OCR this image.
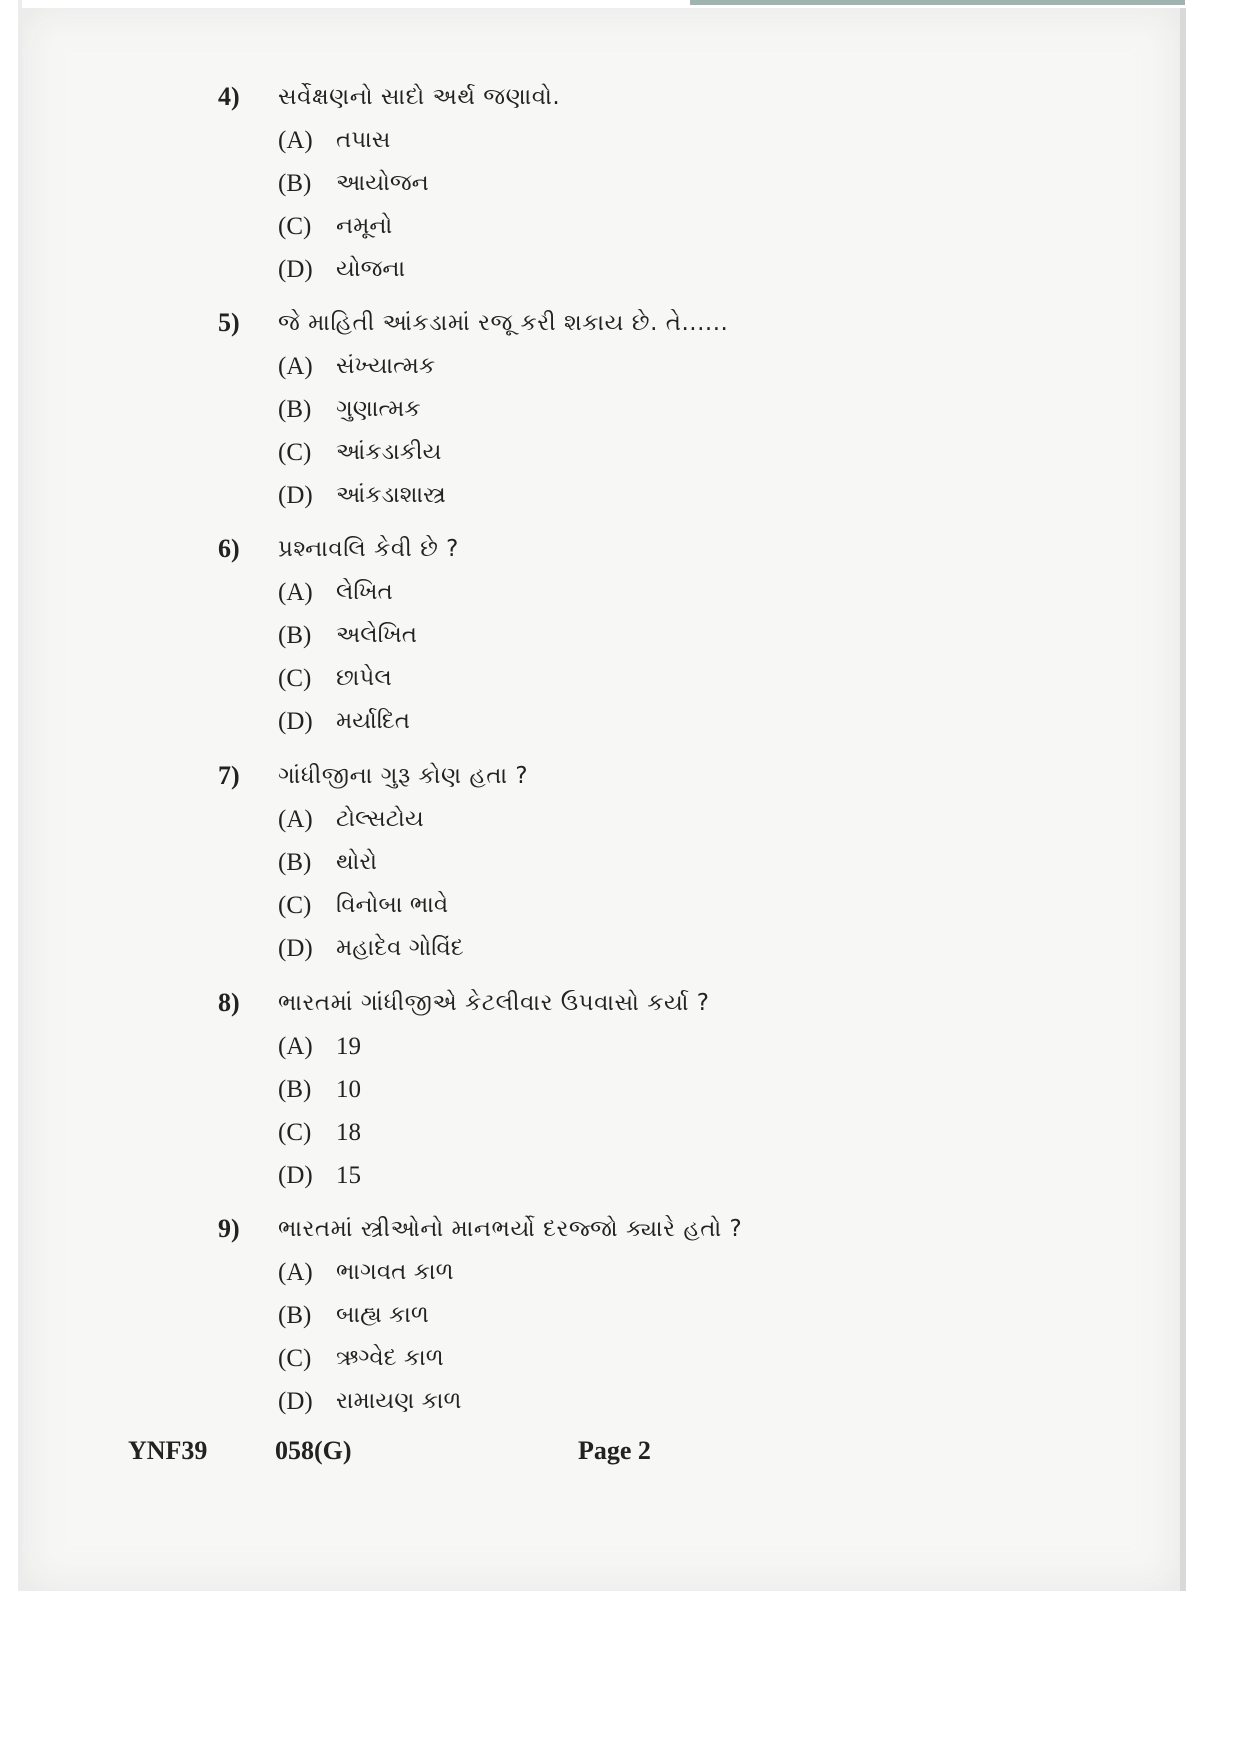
4) સર્વેક્ષણનો સાદો અર્થ જણાવો.
(A) તપાસ
(B) આયોજન
(C) નમૂનો
(D) યોજના
5) જે માહિતી આંકડામાં રજૂ કરી શકાય છે. તે......
(A) સંખ્યાત્મક
(B) ગુણાત્મક
(C) આંકડાકીય
(D) આંકડાશાસ્ત્ર
6) પ્રશ્નાવલિ કેવી છે ?
(A) લેખિત
(B) અલેખિત
(C) છાપેલ
(D) મર્યાદિત
7) ગાંધીજીના ગુરૂ કોણ હતા ?
(A) ટોલ્સટોય
(B) થોરો
(C) વિનોબા ભાવે
(D) મહાદેવ ગોવિંદ
8) ભારતમાં ગાંધીજીએ કેટલીવાર ઉપવાસો કર્યા ?
(A) 19
(B) 10
(C) 18
(D) 15
9) ભારતમાં સ્ત્રીઓનો માનભર્યો દરજ્જો ક્યારે હતો ?
(A) ભાગવત કાળ
(B) બાહ્ય કાળ
(C) ઋગ્વેદ કાળ
(D) રામાયણ કાળ
YNF39	058(G)	Page 2
